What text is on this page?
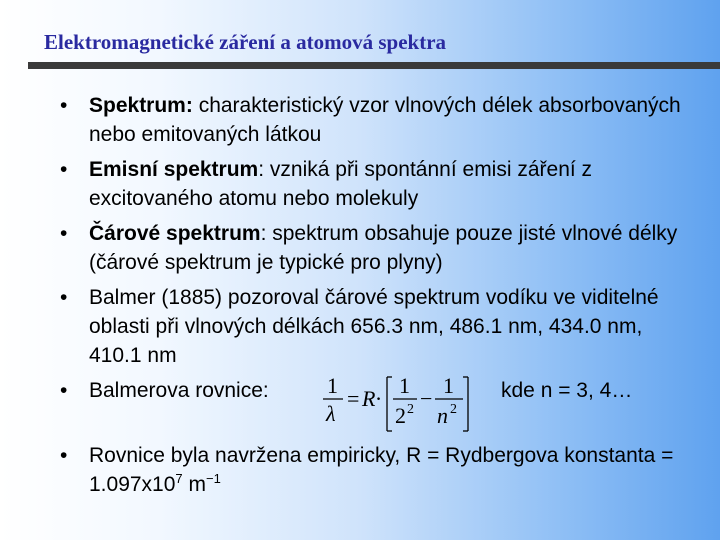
Elektromagnetické záření a atomová spektra
• Spektrum: charakteristický vzor vlnových délek absorbovaných nebo emitovaných látkou
• Emisní spektrum: vzniká při spontánní emisi záření z excitovaného atomu nebo molekuly
• Čárové spektrum: spektrum obsahuje pouze jisté vlnové délky (čárové spektrum je typické pro plyny)
• Balmer (1885) pozoroval čárové spektrum vodíku ve viditelné oblasti při vlnových délkách 656.3 nm, 486.1 nm, 434.0 nm, 410.1 nm
• Balmerova rovnice:	1
λ
= R·
1
2 2 −
1
n 2
kde n = 3, 4…
• Rovnice byla navržena empiricky, R = Rydbergova konstanta = $1.097x10^7$ $m^{-1}$
